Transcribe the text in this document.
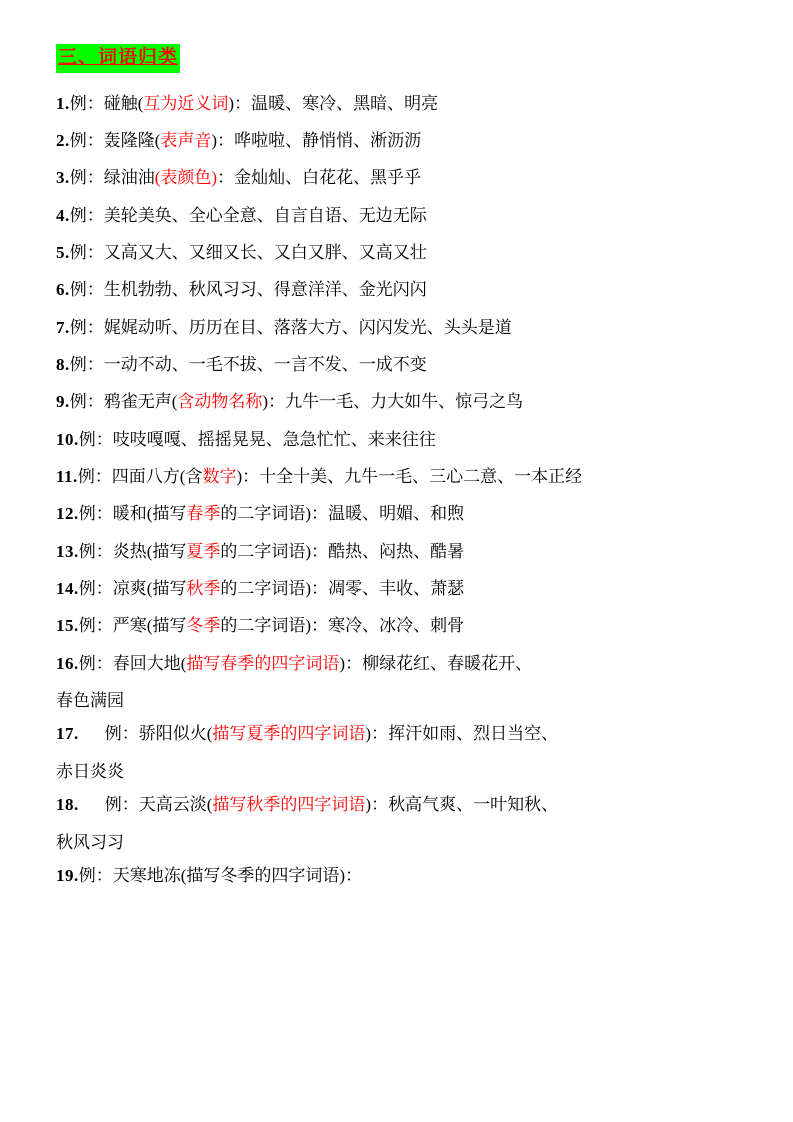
三、词语归类
1.例：碰触(互为近义词)：温暖、寒冷、黑暗、明亮
2.例：轰隆隆(表声音)：哗啦啦、静悄悄、淅沥沥
3.例：绿油油(表颜色)：金灿灿、白花花、黑乎乎
4.例：美轮美奂、全心全意、自言自语、无边无际
5.例：又高又大、又细又长、又白又胖、又高又壮
6.例：生机勃勃、秋风习习、得意洋洋、金光闪闪
7.例：娓娓动听、历历在目、落落大方、闪闪发光、头头是道
8.例：一动不动、一毛不拔、一言不发、一成不变
9.例：鸦雀无声(含动物名称)：九牛一毛、力大如牛、惊弓之鸟
10.例：吱吱嘎嘎、摇摇晃晃、急急忙忙、来来往往
11.例：四面八方(含数字)：十全十美、九牛一毛、三心二意、一本正经
12.例：暖和(描写春季的二字词语)：温暖、明媚、和煦
13.例：炎热(描写夏季的二字词语)：酷热、闷热、酷暑
14.例：凉爽(描写秋季的二字词语)：凋零、丰收、萧瑟
15.例：严寒(描写冬季的二字词语)：寒冷、冰冷、刺骨
16.例：春回大地(描写春季的四字词语)：柳绿花红、春暖花开、
春色满园
17. 例：骄阳似火(描写夏季的四字词语)：挥汗如雨、烈日当空、
赤日炎炎
18. 例：天高云淡(描写秋季的四字词语)：秋高气爽、一叶知秋、
秋风习习
19.例：天寒地冻(描写冬季的四字词语)：
